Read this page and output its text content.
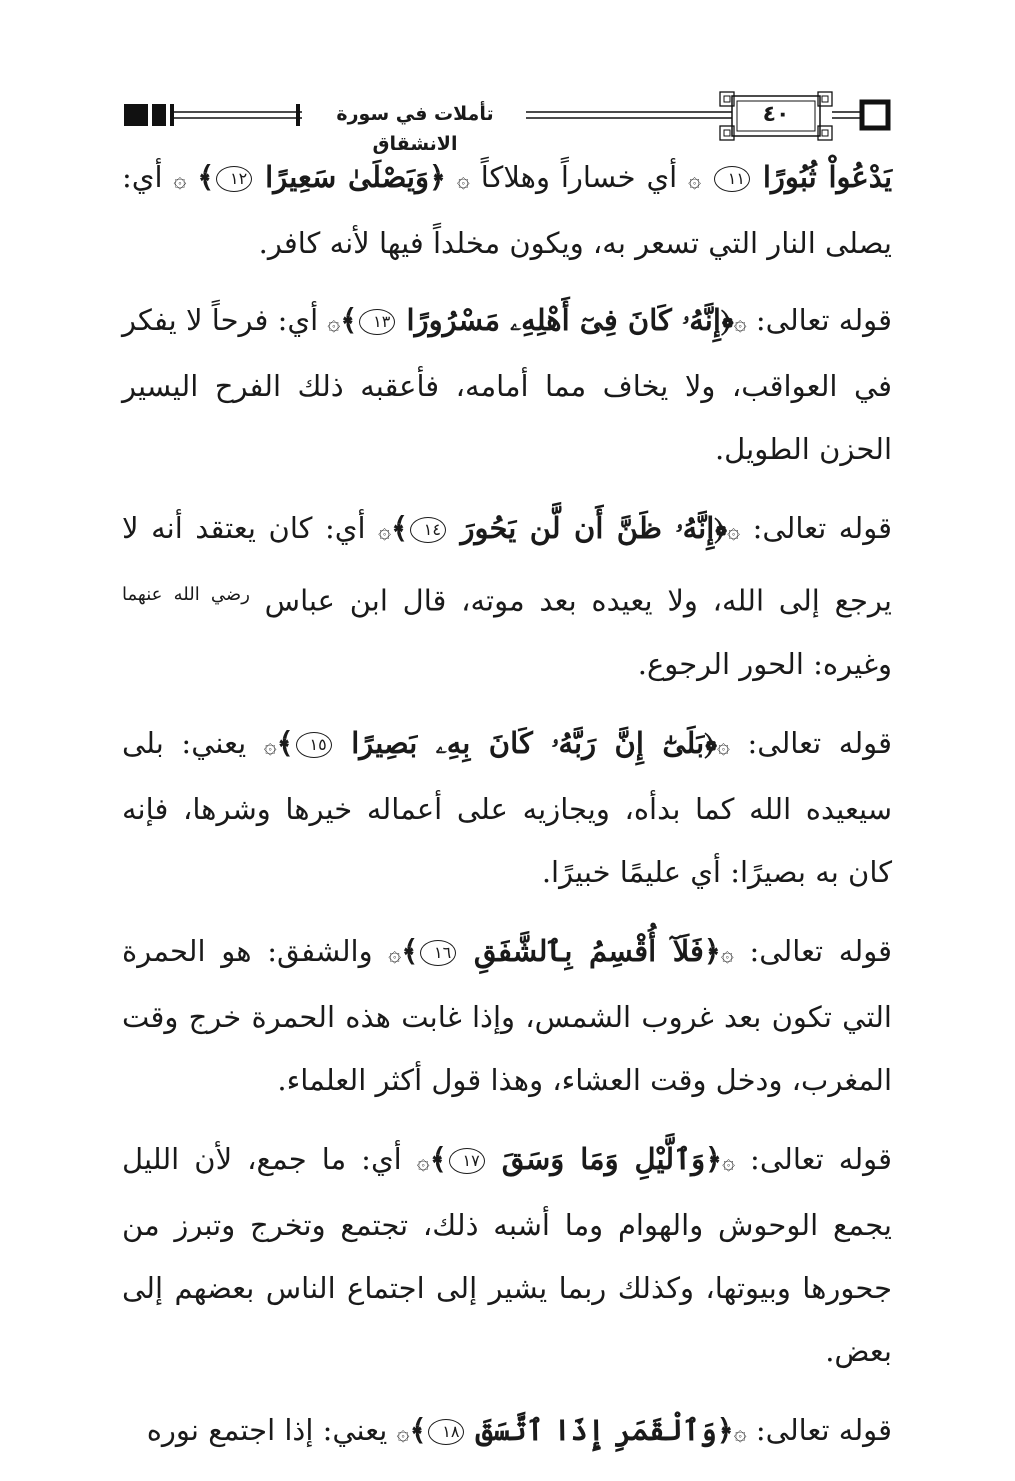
تأملات في سورة الانشقاق
٤٠

يَدْعُواْ ثُبُورًا ١١ ۞ أي خساراً وهلاكاً ۞ ﴿وَيَصْلَىٰ سَعِيرًا ١٢﴾ ۞ أي: يصلى النار التي تسعر به، ويكون مخلداً فيها لأنه كافر.

قوله تعالى: ۞﴿إِنَّهُۥ كَانَ فِىٓ أَهْلِهِۦ مَسْرُورًا ١٣﴾۞ أي: فرحاً لا يفكر في العواقب، ولا يخاف مما أمامه، فأعقبه ذلك الفرح اليسير الحزن الطويل.

قوله تعالى: ۞﴿إِنَّهُۥ ظَنَّ أَن لَّن يَحُورَ ١٤﴾۞ أي: كان يعتقد أنه لا يرجع إلى الله، ولا يعيده بعد موته، قال ابن عباس $^{رضي الله عنهما}$ وغيره: الحور الرجوع.

قوله تعالى: ۞﴿بَلَىٰٓ إِنَّ رَبَّهُۥ كَانَ بِهِۦ بَصِيرًا ١٥﴾۞ يعني: بلى سيعيده الله كما بدأه، ويجازيه على أعماله خيرها وشرها، فإنه كان به بصيرًا: أي عليمًا خبيرًا.

قوله تعالى: ۞﴿فَلَآ أُقْسِمُ بِٱلشَّفَقِ ١٦﴾۞ والشفق: هو الحمرة التي تكون بعد غروب الشمس، وإذا غابت هذه الحمرة خرج وقت المغرب، ودخل وقت العشاء، وهذا قول أكثر العلماء.

قوله تعالى: ۞﴿وَٱلَّيْلِ وَمَا وَسَقَ ١٧﴾۞ أي: ما جمع، لأن الليل يجمع الوحوش والهوام وما أشبه ذلك، تجتمع وتخرج وتبرز من جحورها وبيوتها، وكذلك ربما يشير إلى اجتماع الناس بعضهم إلى بعض.

قوله تعالى: ۞﴿وَٱلْقَمَرِ إِذَا ٱتَّسَقَ ١٨﴾۞ يعني: إذا اجتمع نوره
